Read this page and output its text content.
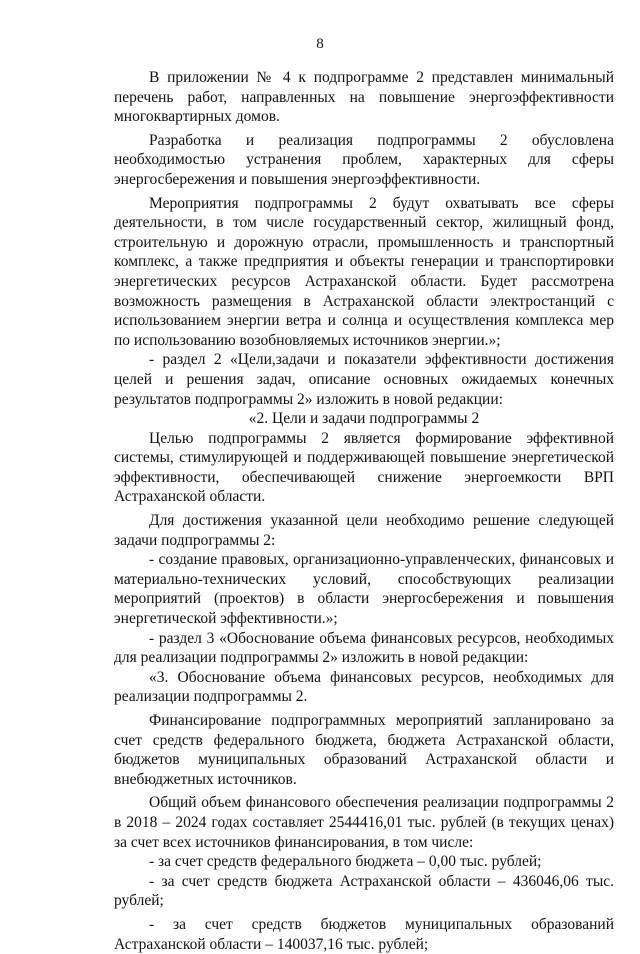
8

В приложении № 4 к подпрограмме 2 представлен минимальный перечень работ, направленных на повышение энергоэффективности многоквартирных домов.

Разработка и реализация подпрограммы 2 обусловлена необходимостью устранения проблем, характерных для сферы энергосбережения и повышения энергоэффективности.

Мероприятия подпрограммы 2 будут охватывать все сферы деятельности, в том числе государственный сектор, жилищный фонд, строительную и дорожную отрасли, промышленность и транспортный комплекс, а также предприятия и объекты генерации и транспортировки энергетических ресурсов Астраханской области. Будет рассмотрена возможность размещения в Астраханской области электростанций с использованием энергии ветра и солнца и осуществления комплекса мер по использованию возобновляемых источников энергии.»;

- раздел 2 «Цели,задачи и показатели эффективности достижения целей и решения задач, описание основных ожидаемых конечных результатов подпрограммы 2» изложить в новой редакции:

«2. Цели и задачи подпрограммы 2

Целью подпрограммы 2 является формирование эффективной системы, стимулирующей и поддерживающей повышение энергетической эффективности, обеспечивающей снижение энергоемкости ВРП Астраханской области.

Для достижения указанной цели необходимо решение следующей задачи подпрограммы 2:

- создание правовых, организационно-управленческих, финансовых и материально-технических условий, способствующих реализации мероприятий (проектов) в области энергосбережения и повышения энергетической эффективности.»;

- раздел 3 «Обоснование объема финансовых ресурсов, необходимых для реализации подпрограммы 2» изложить в новой редакции:

«3. Обоснование объема финансовых ресурсов, необходимых для реализации подпрограммы 2.

Финансирование подпрограммных мероприятий запланировано за счет средств федерального бюджета, бюджета Астраханской области, бюджетов муниципальных образований Астраханской области и внебюджетных источников.

Общий объем финансового обеспечения реализации подпрограммы 2 в 2018 – 2024 годах составляет 2544416,01 тыс. рублей (в текущих ценах) за счет всех источников финансирования, в том числе:

- за счет средств федерального бюджета – 0,00 тыс. рублей;

- за счет средств бюджета Астраханской области – 436046,06 тыс. рублей;

- за счет средств бюджетов муниципальных образований Астраханской области – 140037,16 тыс. рублей;
